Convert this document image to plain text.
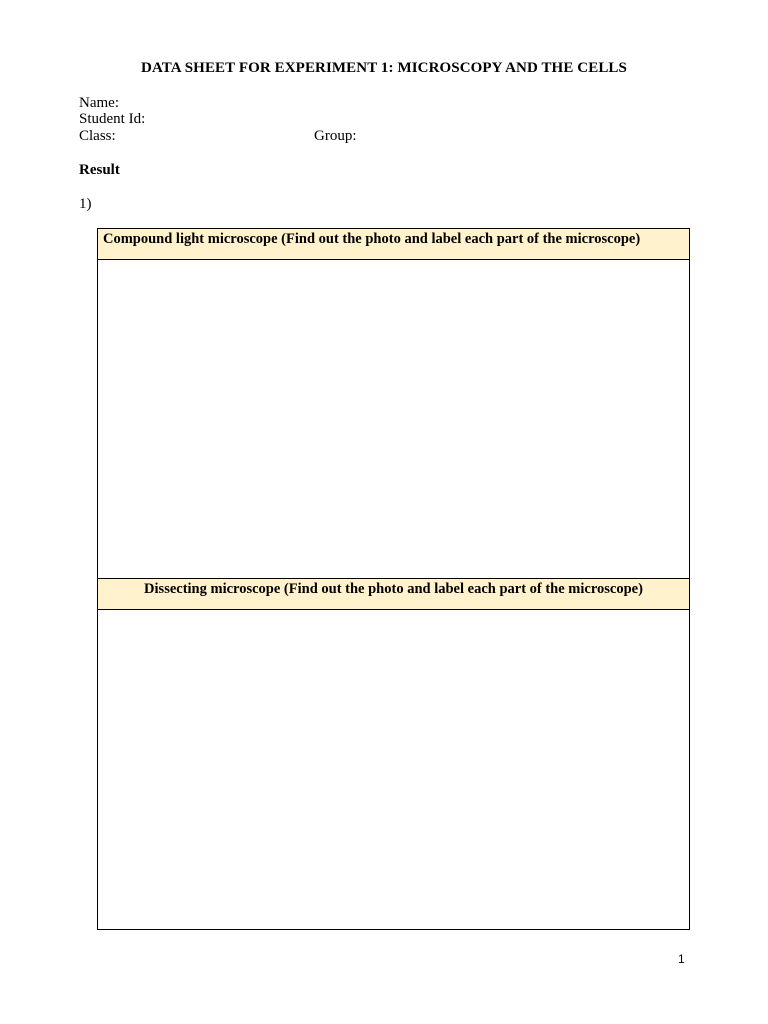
DATA SHEET FOR EXPERIMENT 1: MICROSCOPY AND THE CELLS
Name:
Student Id:
Class:	Group:
Result
1)
Compound light microscope (Find out the photo and label each part of the microscope)
Dissecting microscope (Find out the photo and label each part of the microscope)
1
